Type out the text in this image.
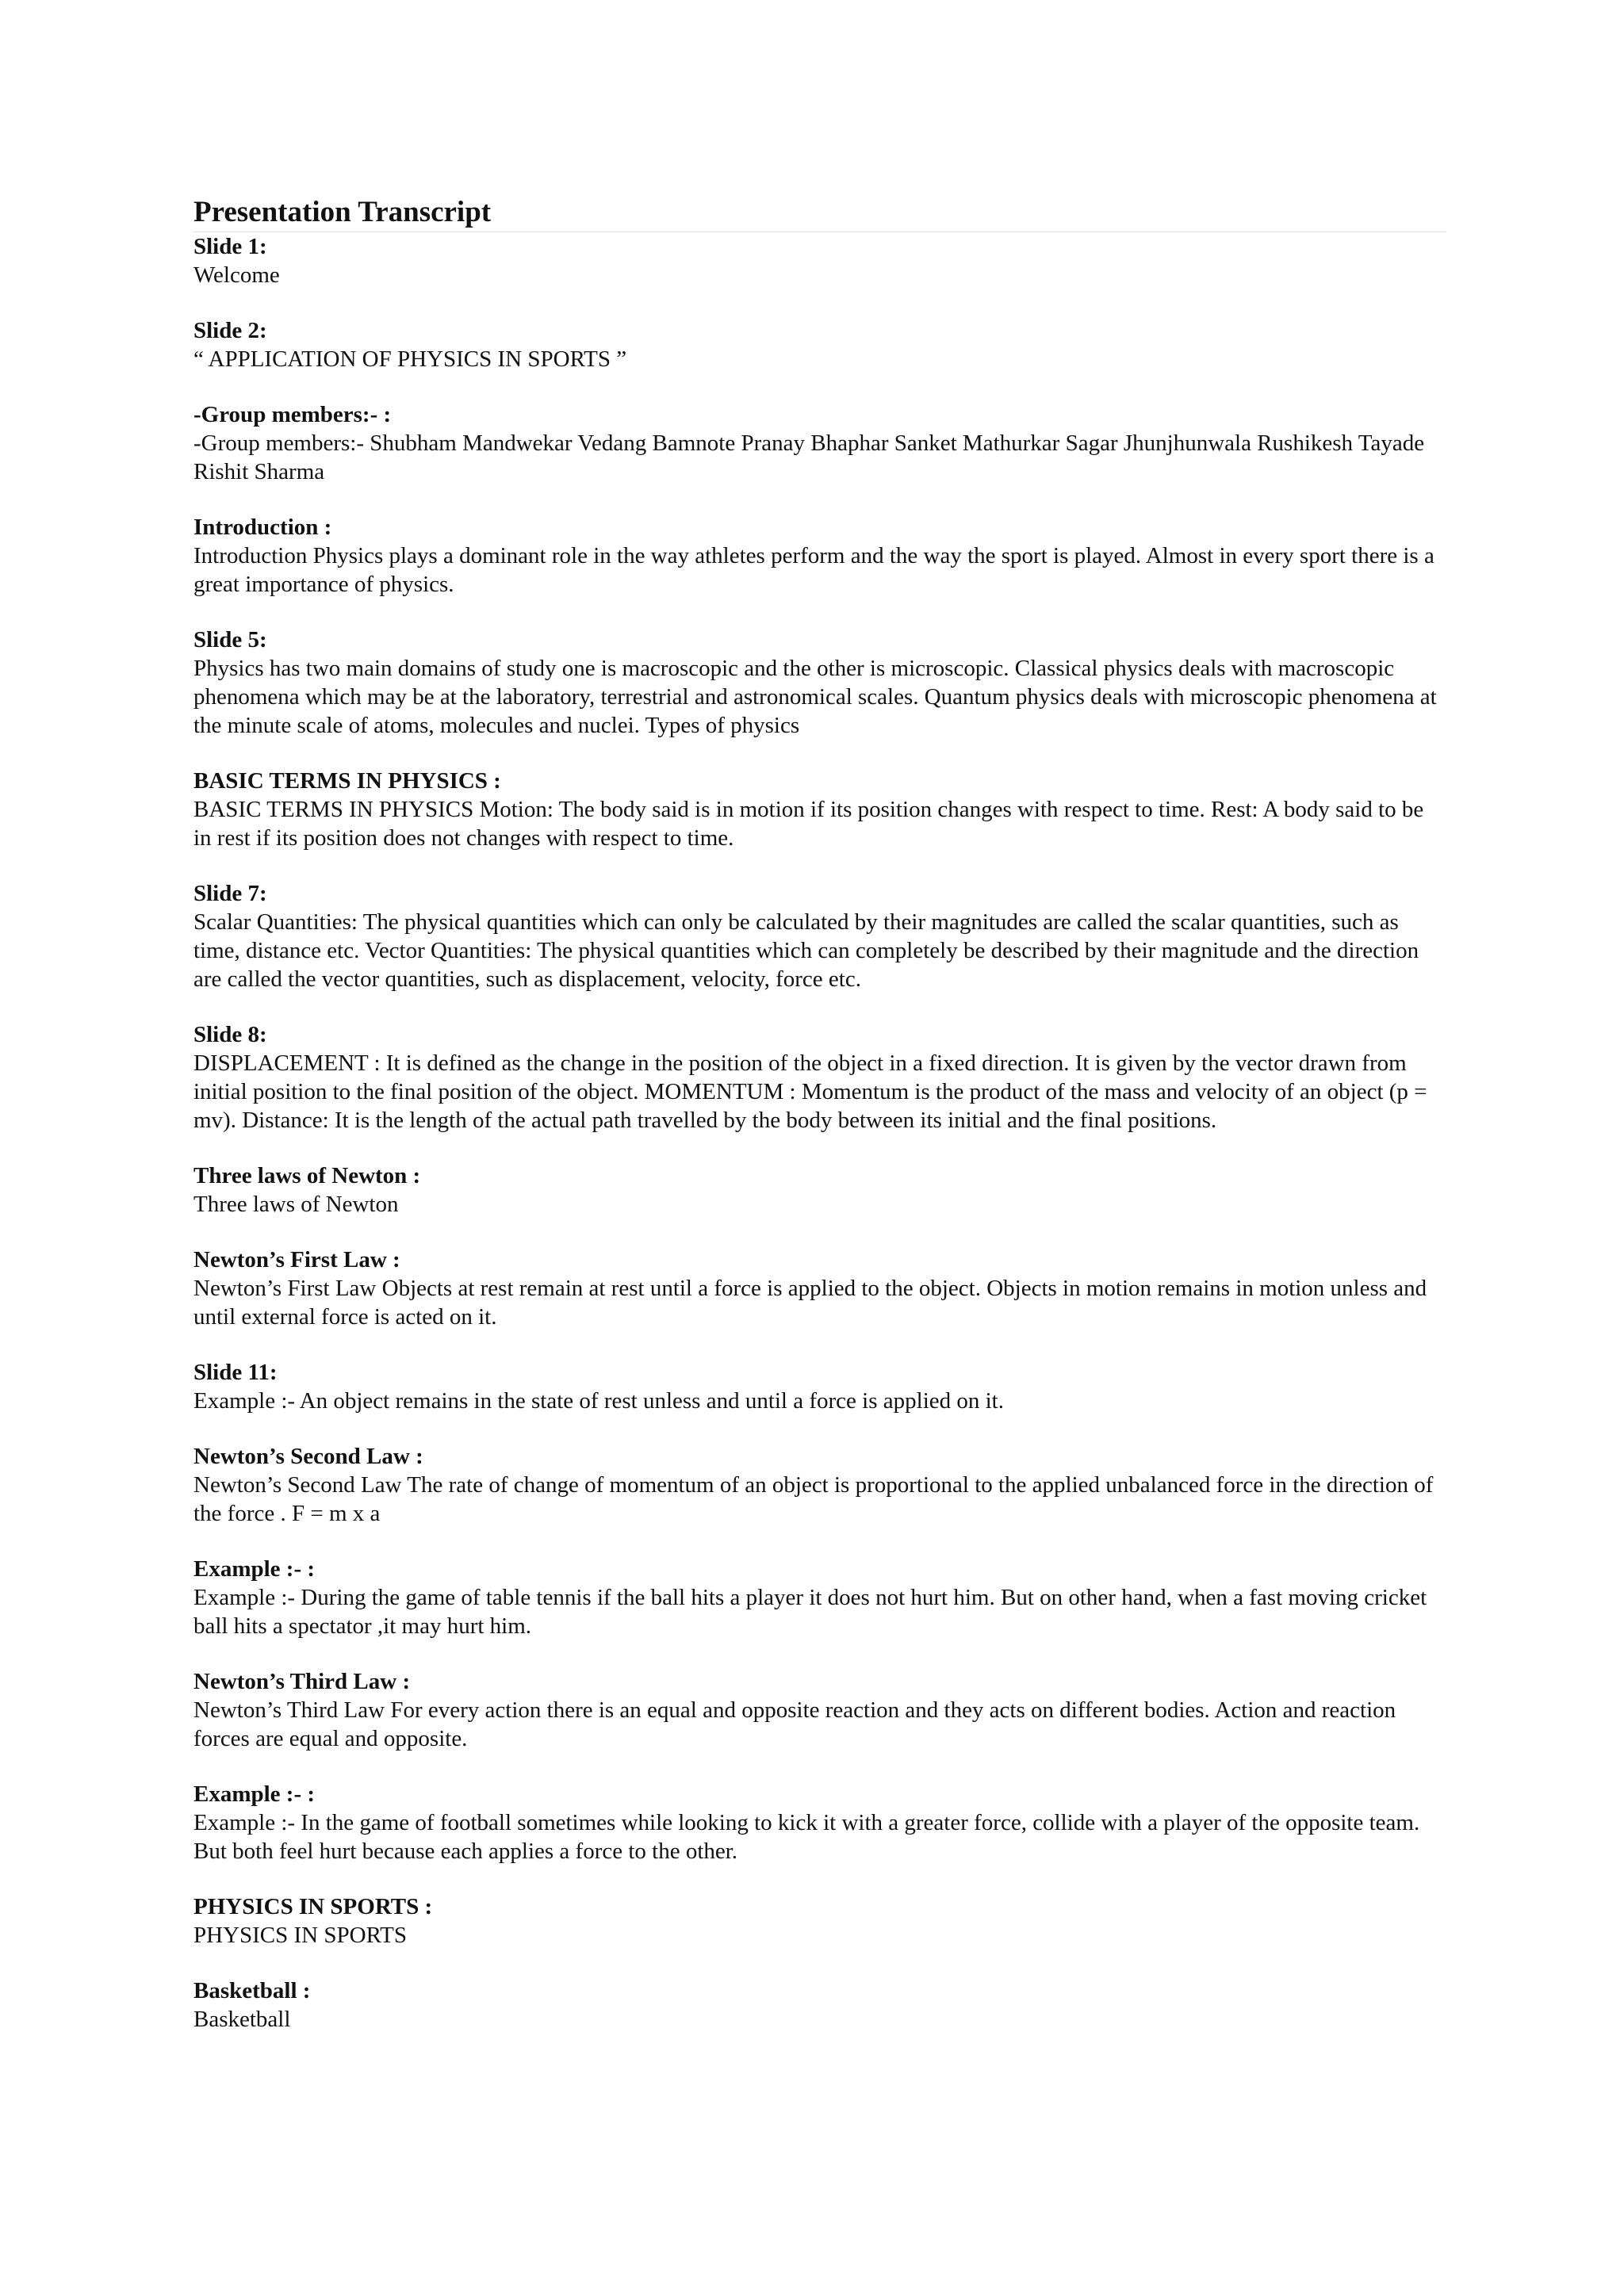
Presentation Transcript

Slide 1:

Welcome

Slide 2:

“ APPLICATION OF PHYSICS IN SPORTS ”

-Group members:- :

-Group members:- Shubham Mandwekar Vedang Bamnote Pranay Bhaphar Sanket Mathurkar Sagar Jhunjhunwala Rushikesh Tayade Rishit Sharma

Introduction :

Introduction Physics plays a dominant role in the way athletes perform and the way the sport is played. Almost in every sport there is a great importance of physics.

Slide 5:

Physics has two main domains of study one is macroscopic and the other is microscopic. Classical physics deals with macroscopic phenomena which may be at the laboratory, terrestrial and astronomical scales. Quantum physics deals with microscopic phenomena at the minute scale of atoms, molecules and nuclei. Types of physics

BASIC TERMS IN PHYSICS :

BASIC TERMS IN PHYSICS Motion: The body said is in motion if its position changes with respect to time. Rest: A body said to be in rest if its position does not changes with respect to time.

Slide 7:

Scalar Quantities: The physical quantities which can only be calculated by their magnitudes are called the scalar quantities, such as time, distance etc. Vector Quantities: The physical quantities which can completely be described by their magnitude and the direction are called the vector quantities, such as displacement, velocity, force etc.

Slide 8:

DISPLACEMENT : It is defined as the change in the position of the object in a fixed direction. It is given by the vector drawn from initial position to the final position of the object. MOMENTUM : Momentum is the product of the mass and velocity of an object (p = mv). Distance: It is the length of the actual path travelled by the body between its initial and the final positions.

Three laws of Newton :

Three laws of Newton

Newton’s First Law :

Newton’s First Law Objects at rest remain at rest until a force is applied to the object. Objects in motion remains in motion unless and until external force is acted on it.

Slide 11:

Example :- An object remains in the state of rest unless and until a force is applied on it.

Newton’s Second Law :

Newton’s Second Law The rate of change of momentum of an object is proportional to the applied unbalanced force in the direction of the force . F = m x a

Example :- :

Example :- During the game of table tennis if the ball hits a player it does not hurt him. But on other hand, when a fast moving cricket ball hits a spectator ,it may hurt him.

Newton’s Third Law :

Newton’s Third Law For every action there is an equal and opposite reaction and they acts on different bodies. Action and reaction forces are equal and opposite.

Example :- :

Example :- In the game of football sometimes while looking to kick it with a greater force, collide with a player of the opposite team. But both feel hurt because each applies a force to the other.

PHYSICS IN SPORTS :

PHYSICS IN SPORTS

Basketball :

Basketball
